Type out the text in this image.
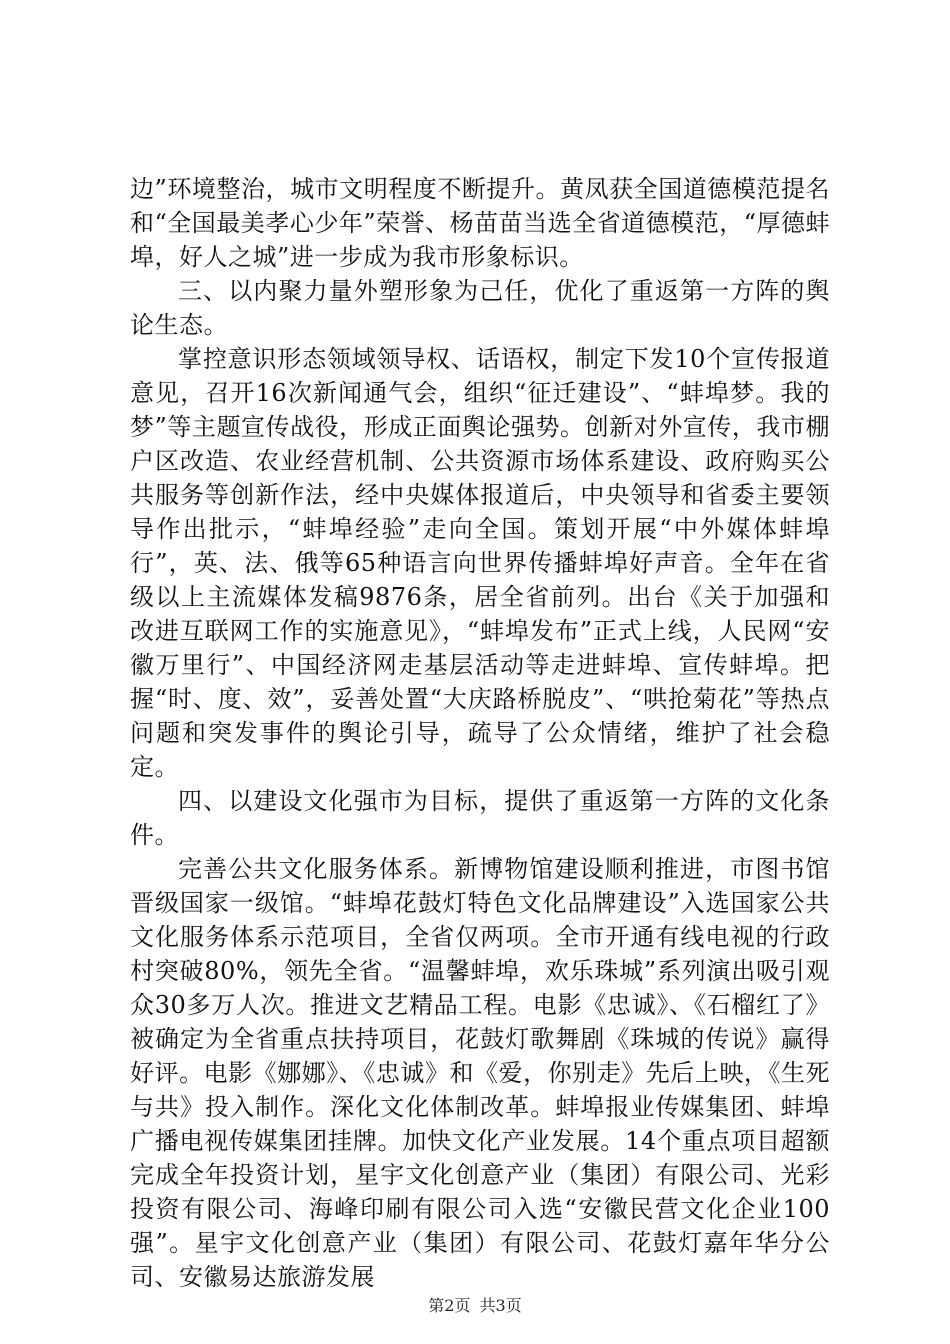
边”环境整治，城市文明程度不断提升。黄凤获全国道德模范提名和“全国最美孝心少年”荣誉、杨苗苗当选全省道德模范，“厚德蚌埠，好人之城”进一步成为我市形象标识。

三、以内聚力量外塑形象为己任，优化了重返第一方阵的舆论生态。

掌控意识形态领域领导权、话语权，制定下发10个宣传报道意见，召开16次新闻通气会，组织“征迁建设”、“蚌埠梦。我的梦”等主题宣传战役，形成正面舆论强势。创新对外宣传，我市棚户区改造、农业经营机制、公共资源市场体系建设、政府购买公共服务等创新作法，经中央媒体报道后，中央领导和省委主要领导作出批示，“蚌埠经验”走向全国。策划开展“中外媒体蚌埠行”，英、法、俄等65种语言向世界传播蚌埠好声音。全年在省级以上主流媒体发稿9876条，居全省前列。出台《关于加强和改进互联网工作的实施意见》，“蚌埠发布”正式上线，人民网“安徽万里行”、中国经济网走基层活动等走进蚌埠、宣传蚌埠。把握“时、度、效”，妥善处置“大庆路桥脱皮”、“哄抢菊花”等热点问题和突发事件的舆论引导，疏导了公众情绪，维护了社会稳定。

四、以建设文化强市为目标，提供了重返第一方阵的文化条件。

完善公共文化服务体系。新博物馆建设顺利推进，市图书馆晋级国家一级馆。“蚌埠花鼓灯特色文化品牌建设”入选国家公共文化服务体系示范项目，全省仅两项。全市开通有线电视的行政村突破80%，领先全省。“温馨蚌埠，欢乐珠城”系列演出吸引观众30多万人次。推进文艺精品工程。电影《忠诚》、《石榴红了》被确定为全省重点扶持项目，花鼓灯歌舞剧《珠城的传说》赢得好评。电影《娜娜》、《忠诚》和《爱，你别走》先后上映，《生死与共》投入制作。深化文化体制改革。蚌埠报业传媒集团、蚌埠广播电视传媒集团挂牌。加快文化产业发展。14个重点项目超额完成全年投资计划，星宇文化创意产业（集团）有限公司、光彩投资有限公司、海峰印刷有限公司入选“安徽民营文化企业100强”。星宇文化创意产业（集团）有限公司、花鼓灯嘉年华分公司、安徽易达旅游发展

第2页 共3页
